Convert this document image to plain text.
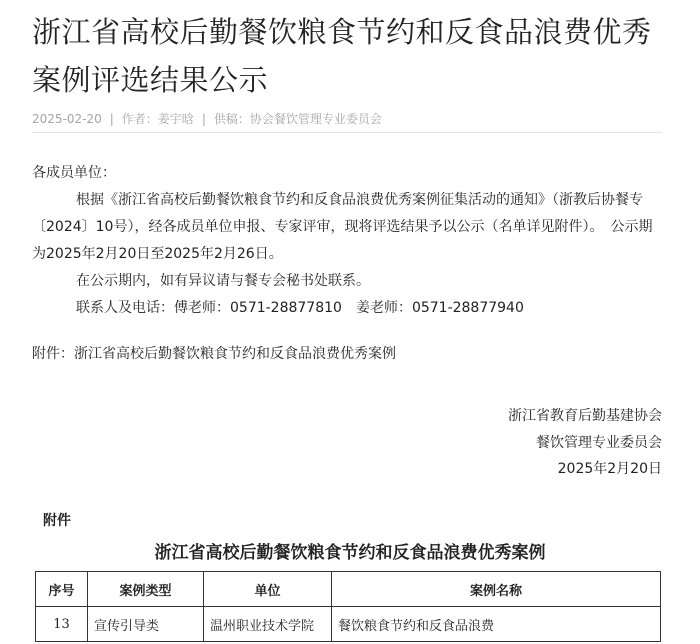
浙江省高校后勤餐饮粮食节约和反食品浪费优秀案例评选结果公示
2025-02-20 | 作者：姜宇晗 | 供稿：协会餐饮管理专业委员会

各成员单位：

根据《浙江省高校后勤餐饮粮食节约和反食品浪费优秀案例征集活动的通知》（浙教后协餐专〔2024〕10号），经各成员单位申报、专家评审，现将评选结果予以公示（名单详见附件）。　公示期为2025年2月20日至2025年2月26日。

在公示期内，如有异议请与餐专会秘书处联系。

联系人及电话：傅老师：0571-28877810　姜老师：0571-28877940

附件：浙江省高校后勤餐饮粮食节约和反食品浪费优秀案例

浙江省教育后勤基建协会
餐饮管理专业委员会
2025年2月20日
附件
浙江省高校后勤餐饮粮食节约和反食品浪费优秀案例
序号	案例类型	单位	案例名称
13	宣传引导类	温州职业技术学院	餐饮粮食节约和反食品浪费
